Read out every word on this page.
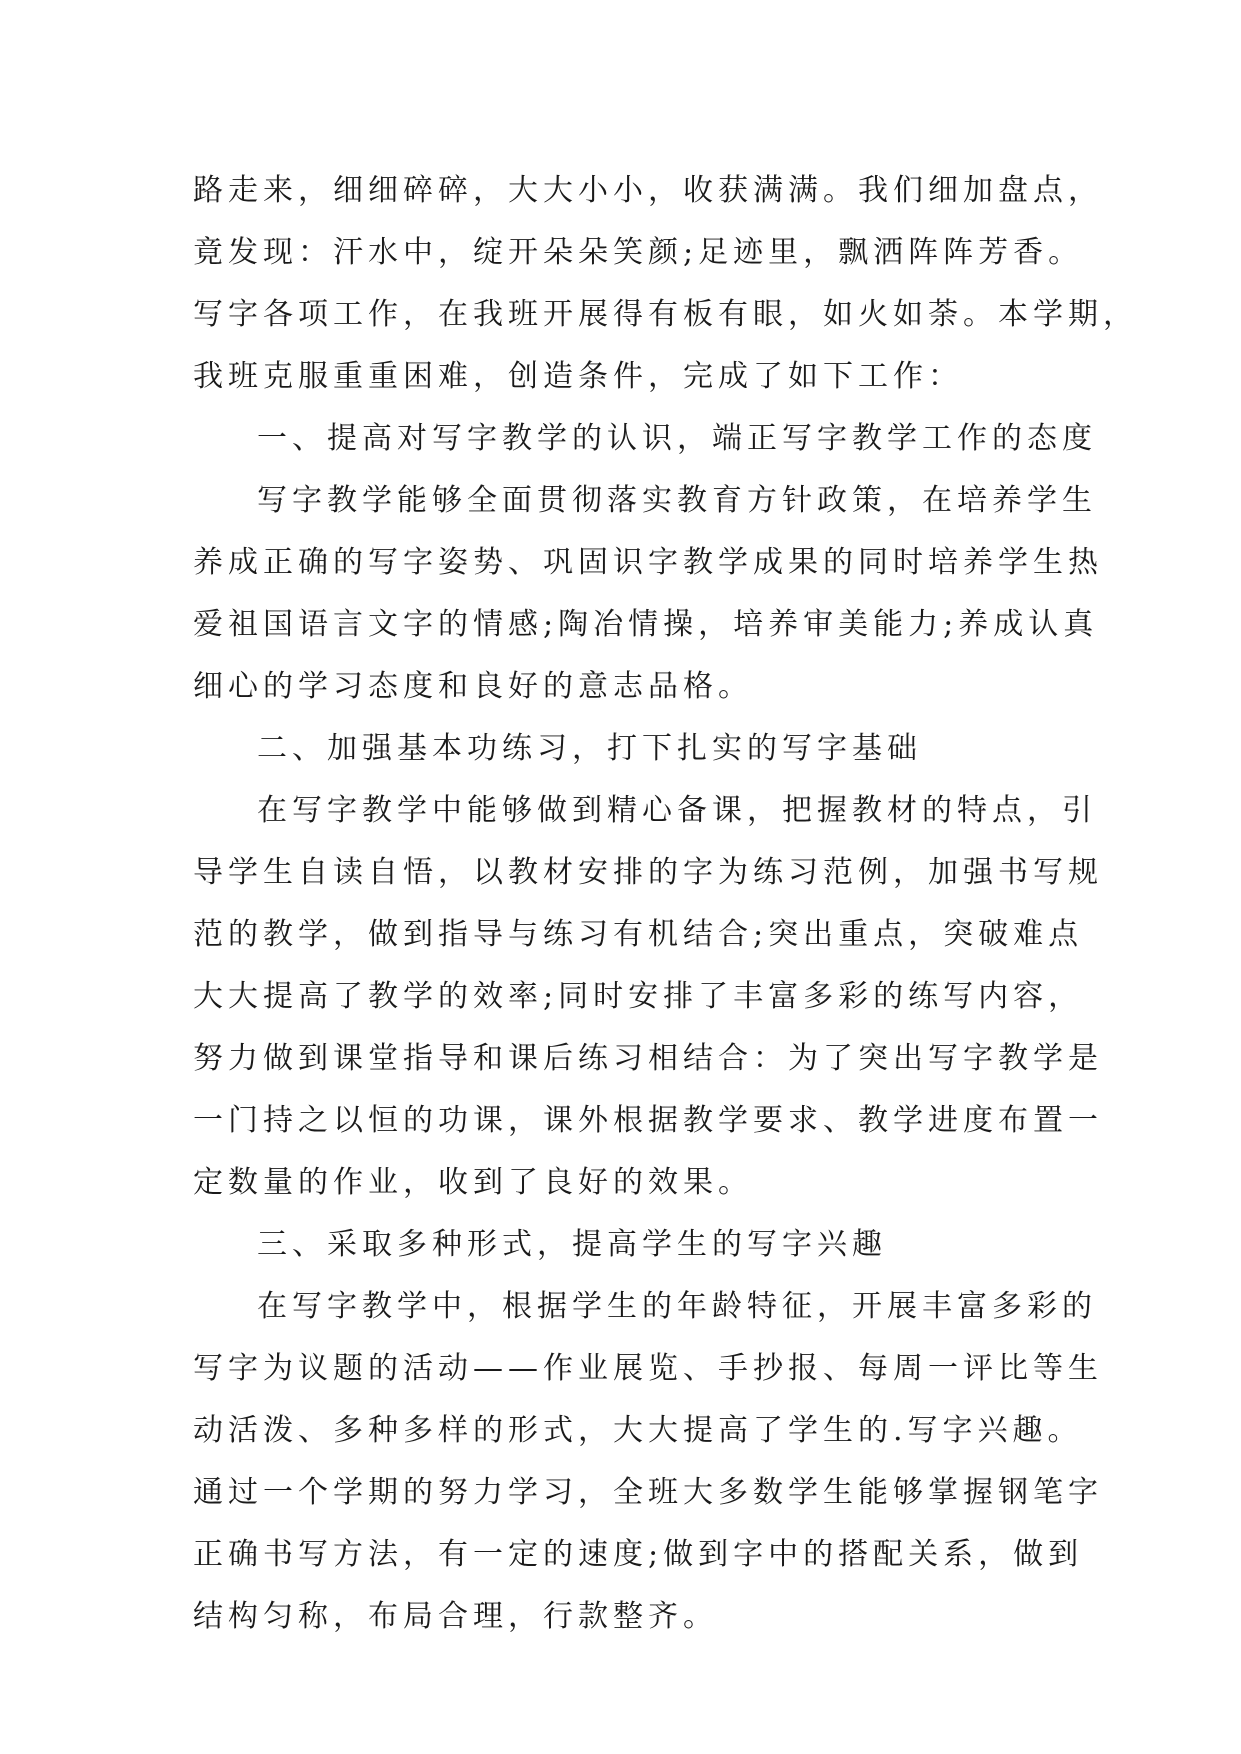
路走来，细细碎碎，大大小小，收获满满。我们细加盘点，
竟发现：汗水中，绽开朵朵笑颜;足迹里，飘洒阵阵芳香。
写字各项工作，在我班开展得有板有眼，如火如荼。本学期，
我班克服重重困难，创造条件，完成了如下工作：
一、提高对写字教学的认识，端正写字教学工作的态度
写字教学能够全面贯彻落实教育方针政策，在培养学生
养成正确的写字姿势、巩固识字教学成果的同时培养学生热
爱祖国语言文字的情感;陶冶情操，培养审美能力;养成认真
细心的学习态度和良好的意志品格。
二、加强基本功练习，打下扎实的写字基础
在写字教学中能够做到精心备课，把握教材的特点，引
导学生自读自悟，以教材安排的字为练习范例，加强书写规
范的教学，做到指导与练习有机结合;突出重点，突破难点
大大提高了教学的效率;同时安排了丰富多彩的练写内容，
努力做到课堂指导和课后练习相结合：为了突出写字教学是
一门持之以恒的功课，课外根据教学要求、教学进度布置一
定数量的作业，收到了良好的效果。
三、采取多种形式，提高学生的写字兴趣
在写字教学中，根据学生的年龄特征，开展丰富多彩的
写字为议题的活动——作业展览、手抄报、每周一评比等生
动活泼、多种多样的形式，大大提高了学生的.写字兴趣。
通过一个学期的努力学习，全班大多数学生能够掌握钢笔字
正确书写方法，有一定的速度;做到字中的搭配关系，做到
结构匀称，布局合理，行款整齐。
